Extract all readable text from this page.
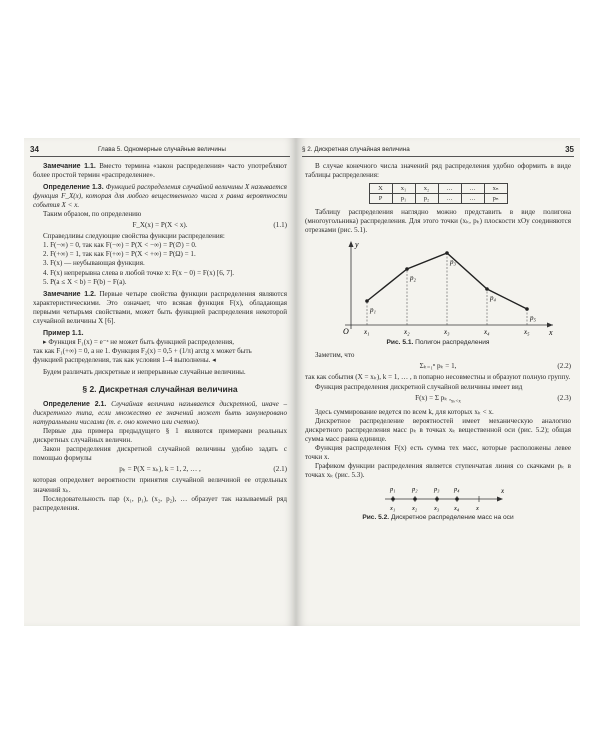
34	Глава 5. Одномерные случайные величины

Замечание 1.1. Вместо термина «закон распределения» часто употребляют более простой термин «распределение».

Определение 1.3. Функцией распределения случайной величины X называется функция F_X(x), которая для любого вещественного числа x равна вероятности события X < x.

Таким образом, по определению

F_X(x) = P(X < x).	(1.1)

Справедливы следующие свойства функции распределения:

1. F(−∞) = 0, так как F(−∞) = P(X < −∞) = P(∅) = 0.

2. F(+∞) = 1, так как F(+∞) = P(X < +∞) = P(Ω) = 1.

3. F(x) — неубывающая функция.

4. F(x) непрерывна слева в любой точке x: F(x − 0) = F(x) [6, 7].

5. P(a ≤ X < b) = F(b) − F(a).

Замечание 1.2. Первые четыре свойства функции распределения являются характеристическими. Это означает, что всякая функция F(x), обладающая первыми четырьмя свойствами, может быть функцией распределения некоторой случайной величины X [6].

Пример 1.1.

▸ Функция F₁(x) = e⁻ˣ не может быть функцией распределения,

так как F₁(+∞) = 0, а не 1. Функция F₂(x) = 0,5 + (1/π) arctg x может быть

функцией распределения, так как условия 1–4 выполнены. ◂

Будем различать дискретные и непрерывные случайные величины.

§ 2. Дискретная случайная величина

Определение 2.1. Случайная величина называется дискретной, иначе – дискретного типа, если множество ее значений может быть занумеровано натуральными числами (т. е. оно конечно или счетно).

Первые два примера предыдущего § 1 являются примерами реальных дискретных случайных величин.

Закон распределения дискретной случайной величины удобно задать с помощью формулы

pₖ = P(X = xₖ), k = 1, 2, … ,	(2.1)

которая определяет вероятности принятия случайной величиной ее отдельных значений xₖ.

Последовательность пар (x₁, p₁), (x₂, p₂), … образует так называемый ряд распределения.

§ 2. Дискретная случайная величина	35

В случае конечного числа значений ряд распределения удобно оформить в виде таблицы распределения:

X	x₁	x₂	…	…	xₙ
P	p₁	p₂	…	…	pₙ

Таблицу распределения наглядно можно представить в виде полигона (многоугольника) распределения. Для этого точки (xₖ, pₖ) плоскости xOy соединяются отрезками (рис. 5.1).

y
x
O
p₁
x₁
p₂
x₂
p₃
x₃
p₄
x₄
p₅
x₅
Рис. 5.1. Полигон распределения

Заметим, что

Σₖ₌₁ⁿ pₖ = 1,	(2.2)

так как события (X = xₖ), k = 1, … , n попарно несовместны и образуют полную группу.

Функция распределения дискретной случайной величины имеет вид

F(x) = Σ pₖ $,_{x_k<x}$	(2.3)

Здесь суммирование ведется по всем k, для которых xₖ < x.

Дискретное распределение вероятностей имеет механическую аналогию дискретного распределения масс pₖ в точках xₖ вещественной оси (рис. 5.2); общая сумма масс равна единице.

Функция распределения F(x) есть сумма тех масс, которые расположены левее точки x.

Графиком функции распределения является ступенчатая линия со скачками pₖ в точках xₖ (рис. 5.3).

x
x₁	x₂	x₃ x₄	x
p₁	p₂	p₃ p₄
Рис. 5.2. Дискретное распределение масс на оси
